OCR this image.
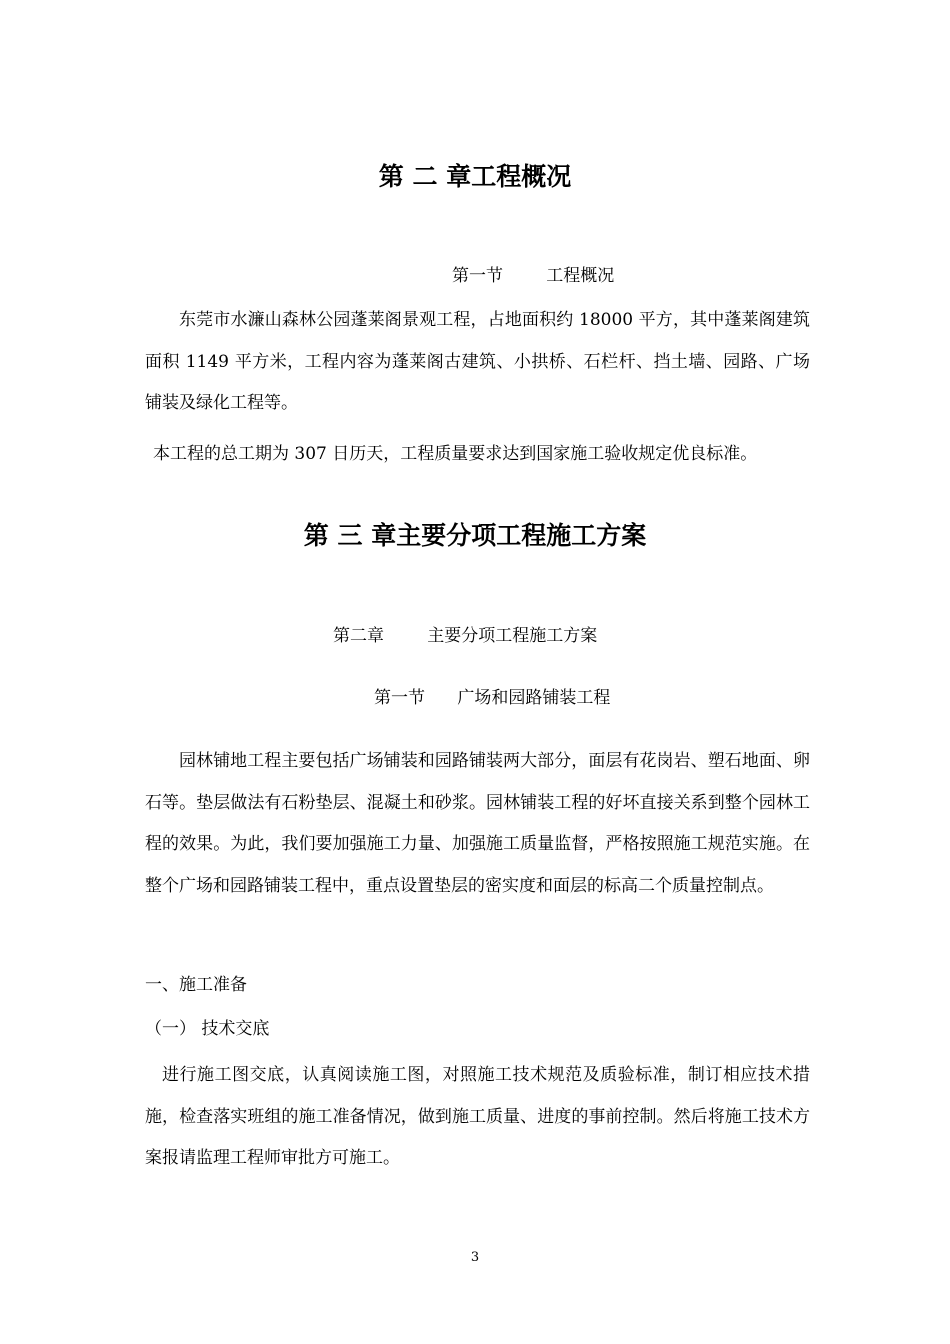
第 二 章工程概况
第一节        工程概况
东莞市水濂山森林公园蓬莱阁景观工程，占地面积约 18000 平方，其中蓬莱阁建筑面积 1149 平方米，工程内容为蓬莱阁古建筑、小拱桥、石栏杆、挡土墙、园路、广场铺装及绿化工程等。
本工程的总工期为 307 日历天，工程质量要求达到国家施工验收规定优良标准。
第 三 章主要分项工程施工方案
第二章        主要分项工程施工方案
第一节      广场和园路铺装工程
园林铺地工程主要包括广场铺装和园路铺装两大部分，面层有花岗岩、塑石地面、卵石等。垫层做法有石粉垫层、混凝土和砂浆。园林铺装工程的好坏直接关系到整个园林工程的效果。为此，我们要加强施工力量、加强施工质量监督，严格按照施工规范实施。在整个广场和园路铺装工程中，重点设置垫层的密实度和面层的标高二个质量控制点。
一、施工准备
（一） 技术交底
进行施工图交底，认真阅读施工图，对照施工技术规范及质验标准，制订相应技术措施，检查落实班组的施工准备情况，做到施工质量、进度的事前控制。然后将施工技术方案报请监理工程师审批方可施工。
3
